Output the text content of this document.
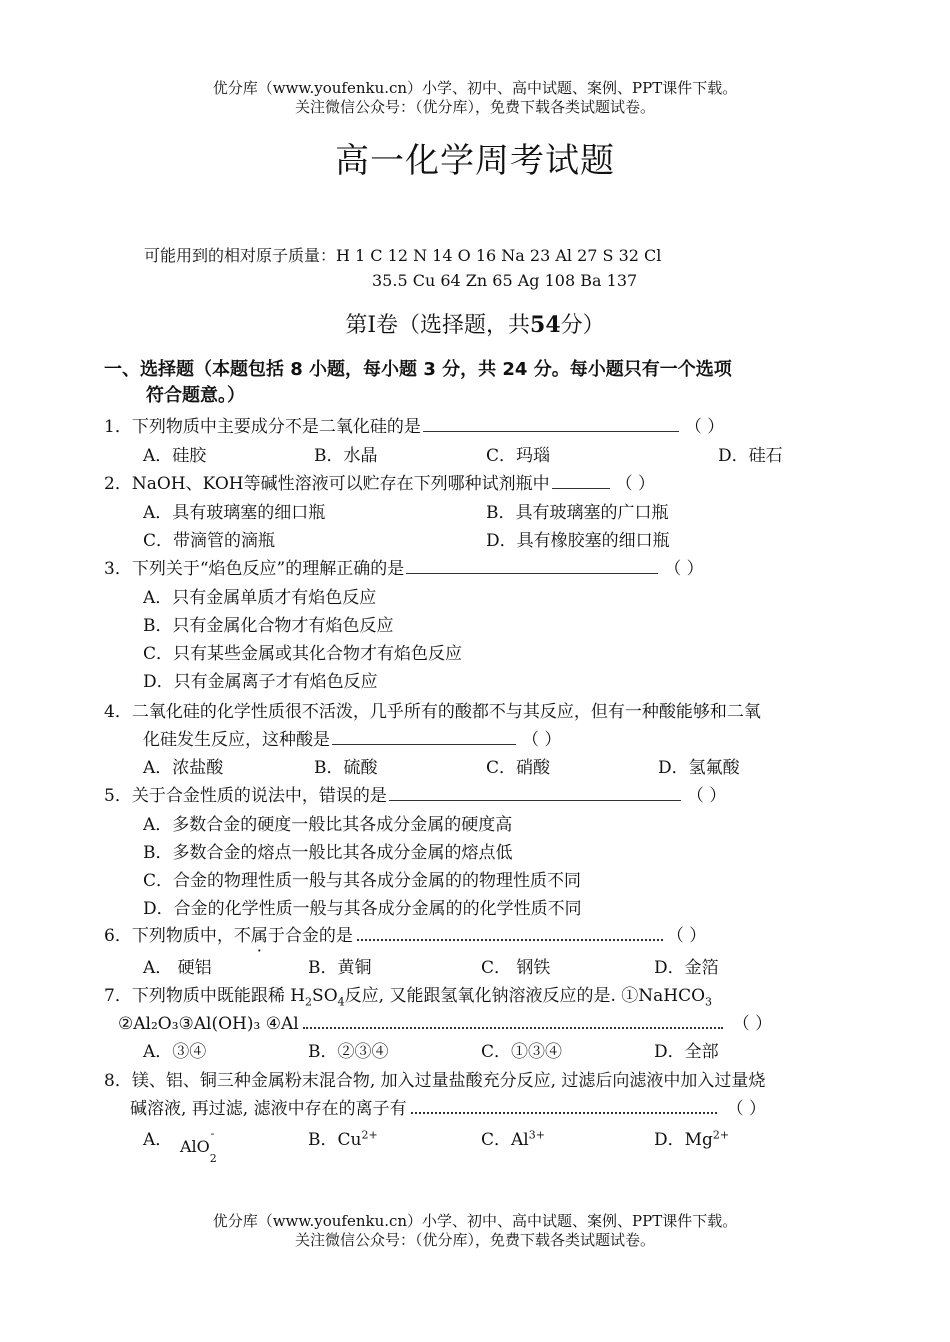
优分库（www.youfenku.cn）小学、初中、高中试题、案例、PPT课件下载。
关注微信公众号：（优分库），免费下载各类试题试卷。
高一化学周考试题
可能用到的相对原子质量：H 1 C 12 N 14 O 16 Na 23 Al 27 S 32 Cl
35.5 Cu 64 Zn 65 Ag 108 Ba 137
第Ⅰ卷（选择题，共54分）
一、选择题（本题包括 8 小题，每小题 3 分，共 24 分。每小题只有一个选项
符合题意。）
1．下列物质中主要成分不是二氧化硅的是	（ ）
A．硅胶	B．水晶	C．玛瑙	D．硅石
2．NaOH、KOH等碱性溶液可以贮存在下列哪种试剂瓶中	（ ）
A．具有玻璃塞的细口瓶	B．具有玻璃塞的广口瓶
C．带滴管的滴瓶	D．具有橡胶塞的细口瓶
3．下列关于“焰色反应”的理解正确的是	（ ）
A．只有金属单质才有焰色反应
B．只有金属化合物才有焰色反应
C．只有某些金属或其化合物才有焰色反应
D．只有金属离子才有焰色反应
4．二氧化硅的化学性质很不活泼，几乎所有的酸都不与其反应，但有一种酸能够和二氧
化硅发生反应，这种酸是	（ ）
A．浓盐酸	B．硫酸	C．硝酸	D．氢氟酸
5．关于合金性质的说法中，错误的是	（ ）
A．多数合金的硬度一般比其各成分金属的硬度高
B．多数合金的熔点一般比其各成分金属的熔点低
C．合金的物理性质一般与其各成分金属的的物理性质不同
D．合金的化学性质一般与其各成分金属的的化学性质不同
6．下列物质中，不属于合金的是	（ ）
A． 硬铝	B．黄铜	C． 钢铁	D．金箔
7．下列物质中既能跟稀 $H_2SO_4$反应, 又能跟氢氧化钠溶液反应的是. ①NaHCO$_3$
②Al₂O₃③Al(OH)₃ ④Al	（ ）
A．③④	B．②③④	C．①③④	D．全部
8．镁、铝、铜三种金属粉末混合物, 加入过量盐酸充分反应, 过滤后向滤液中加入过量烧
碱溶液, 再过滤, 滤液中存在的离子有	（ ）
A． AlO
-
$_2$
B．$Cu^{2+}$	C．$Al^{3+}$	D．$Mg^{2+}$
优分库（www.youfenku.cn）小学、初中、高中试题、案例、PPT课件下载。
关注微信公众号：（优分库），免费下载各类试题试卷。
